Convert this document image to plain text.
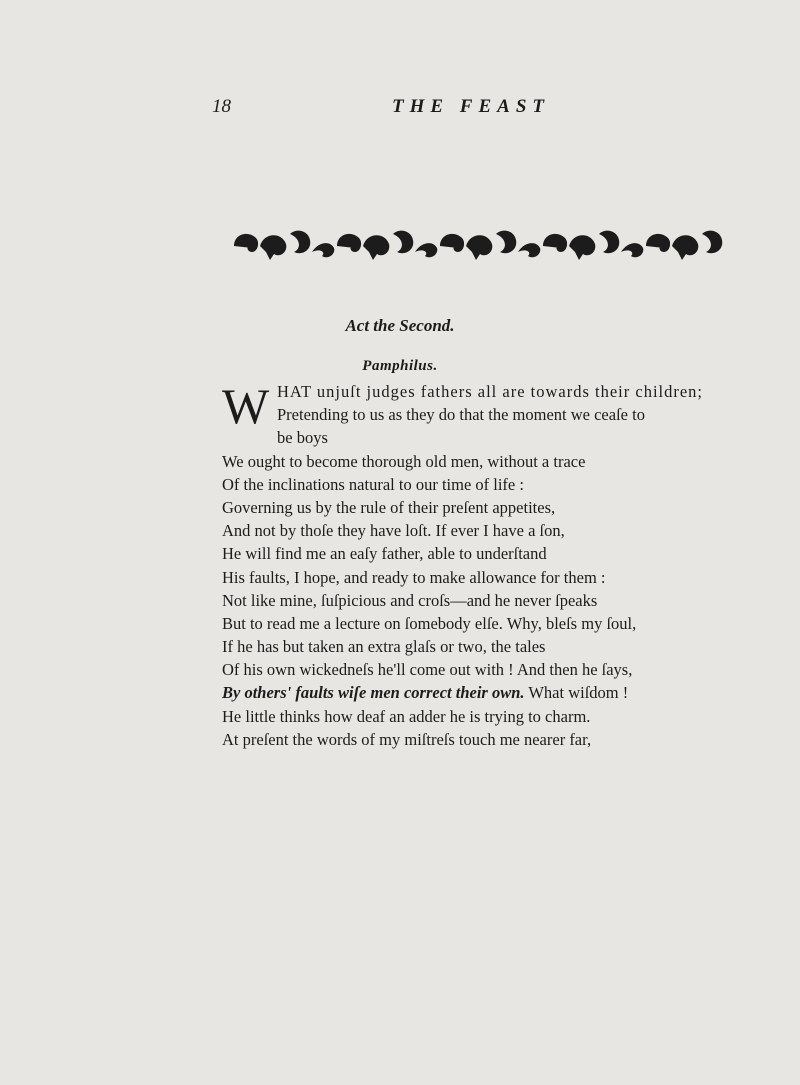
18	THE FEAST
Act the Second.
Pamphilus.
W HAT unjuſt judges fathers all are towards their children;
Pretending to us as they do that the moment we ceaſe to
be boys
We ought to become thorough old men, without a trace
Of the inclinations natural to our time of life :
Governing us by the rule of their preſent appetites,
And not by thoſe they have loſt. If ever I have a ſon,
He will find me an eaſy father, able to underſtand
His faults, I hope, and ready to make allowance for them :
Not like mine, ſuſpicious and croſs—and he never ſpeaks
But to read me a lecture on ſomebody elſe. Why, bleſs my ſoul,
If he has but taken an extra glaſs or two, the tales
Of his own wickedneſs he'll come out with ! And then he ſays,
By others' faults wiſe men correct their own. What wiſdom !
He little thinks how deaf an adder he is trying to charm.
At preſent the words of my miſtreſs touch me nearer far,
